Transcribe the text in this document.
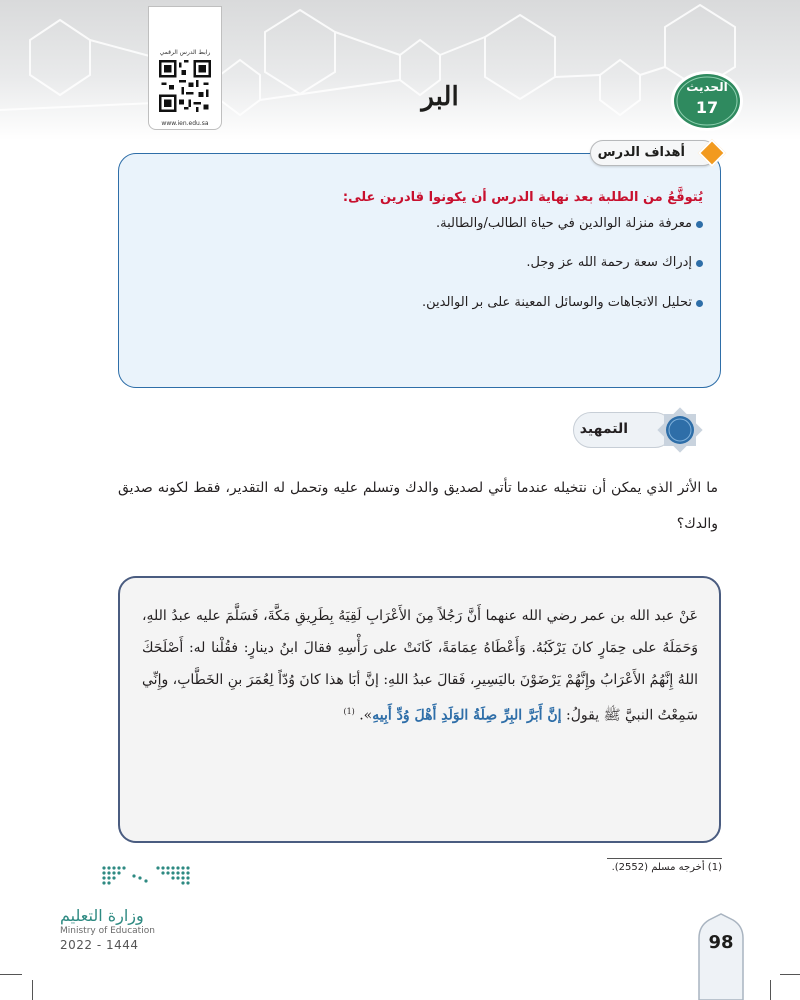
رابط الدرس الرقمي
www.ien.edu.sa
البر	الحديث
17
أهداف الدرس
يُتوقَّعُ من الطلبة بعد نهاية الدرس أن يكونوا قادرين على:
معرفة منزلة الوالدين في حياة الطالب/والطالبة.
إدراك سعة رحمة الله عز وجل.
تحليل الاتجاهات والوسائل المعينة على بر الوالدين.
التمهيد
ما الأثر الذي يمكن أن نتخيله عندما تأتي لصديق والدك وتسلم عليه وتحمل له التقدير، فقط لكونه صديق والدك؟
عَنْ عبد الله بن عمر رضي الله عنهما أَنَّ رَجُلاً مِنَ الأَعْرَابِ لَقِيَهُ بِطَرِيقِ مَكَّةَ، فَسَلَّمَ عليه عبدُ اللهِ، وَحَمَلَهُ على حِمَارٍ كانَ يَرْكَبُهُ. وَأَعْطَاهُ عِمَامَةً، كَانَتْ على رَأْسِهِ فقالَ ابنُ دينارٍ: فقُلْنا له: أَصْلَحَكَ اللهُ إِنَّهُمُ الأَعْرَابُ وإِنَّهُمْ يَرْضَوْنَ باليَسِيرِ، فَقالَ عبدُ اللهِ: إنَّ أبَا هذا كانَ وُدّاً لِعُمَرَ بنِ الخَطَّابِ، وإِنِّي سَمِعْتُ النبيَّ ﷺ يقولُ: إنَّ أَبَرَّ البِرِّ صِلَةُ الوَلَدِ أَهْلَ وُدِّ أَبِيهِ». $^{(1)}$
(1) أخرجه مسلم (2552).
وزارة التعليم
Ministry of Education
2022 - 1444	98
